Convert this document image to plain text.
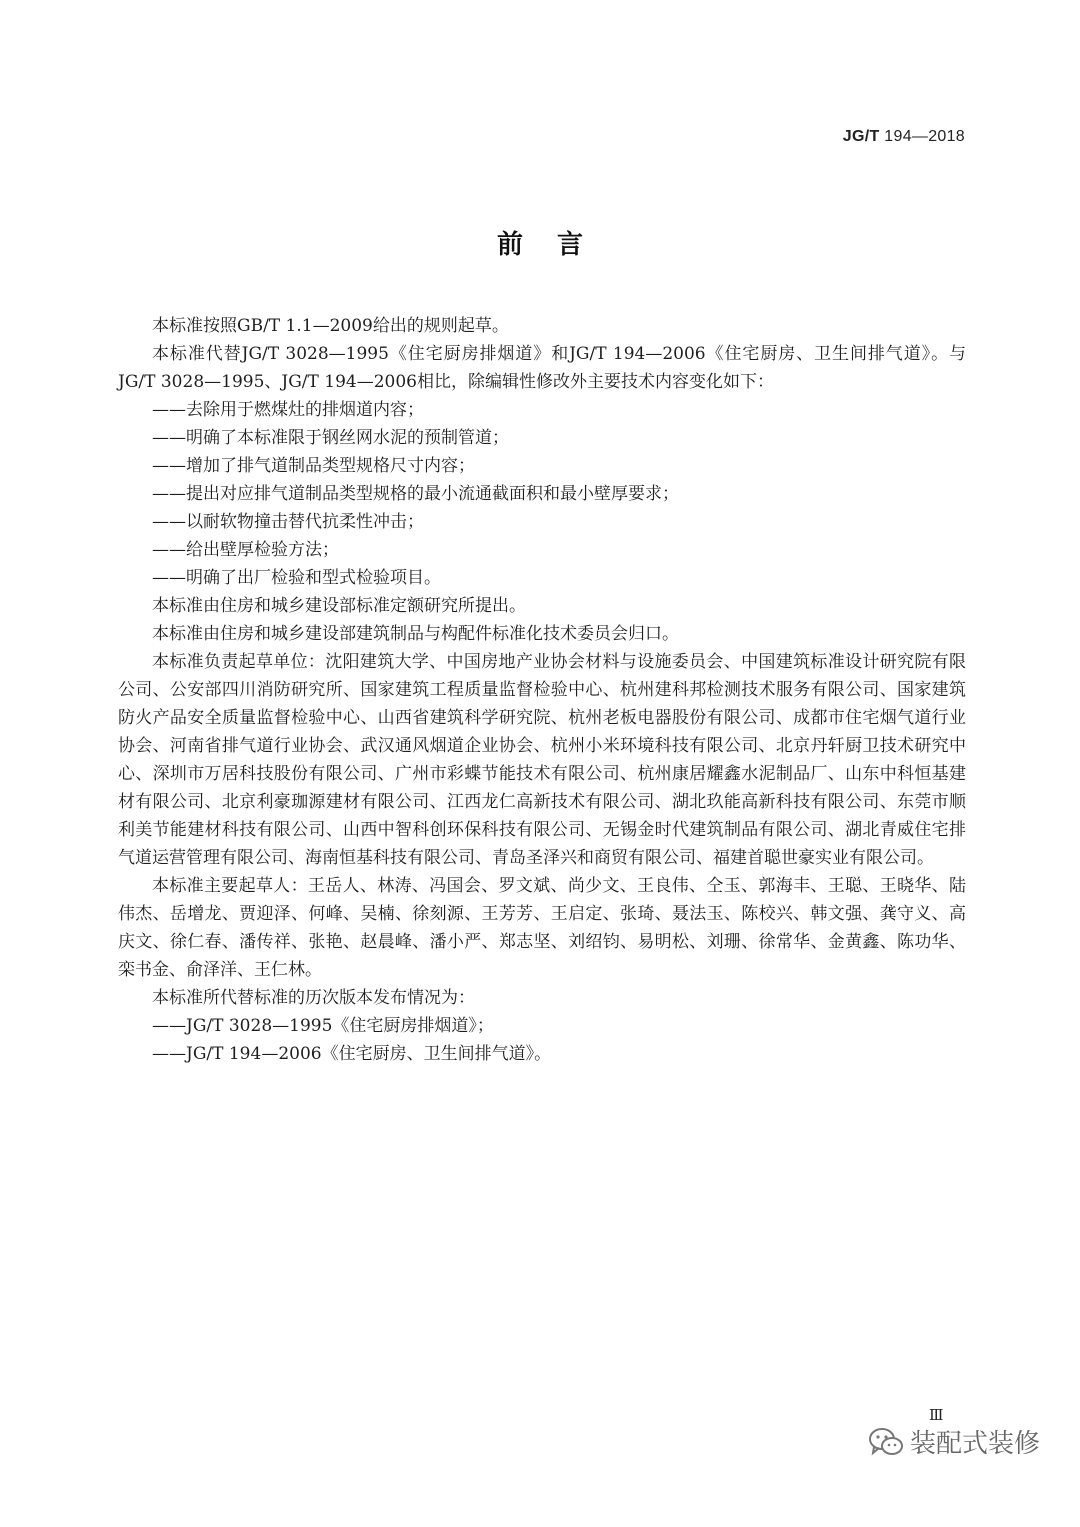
JG/T 194—2018
前言

本标准按照GB/T 1.1—2009给出的规则起草。

本标准代替JG/T 3028—1995《住宅厨房排烟道》和JG/T 194—2006《住宅厨房、卫生间排气道》。与JG/T 3028—1995、JG/T 194—2006相比，除编辑性修改外主要技术内容变化如下：

——去除用于燃煤灶的排烟道内容；

——明确了本标准限于钢丝网水泥的预制管道；

——增加了排气道制品类型规格尺寸内容；

——提出对应排气道制品类型规格的最小流通截面积和最小壁厚要求；

——以耐软物撞击替代抗柔性冲击；

——给出壁厚检验方法；

——明确了出厂检验和型式检验项目。

本标准由住房和城乡建设部标准定额研究所提出。

本标准由住房和城乡建设部建筑制品与构配件标准化技术委员会归口。

本标准负责起草单位：沈阳建筑大学、中国房地产业协会材料与设施委员会、中国建筑标准设计研究院有限公司、公安部四川消防研究所、国家建筑工程质量监督检验中心、杭州建科邦检测技术服务有限公司、国家建筑防火产品安全质量监督检验中心、山西省建筑科学研究院、杭州老板电器股份有限公司、成都市住宅烟气道行业协会、河南省排气道行业协会、武汉通风烟道企业协会、杭州小米环境科技有限公司、北京丹轩厨卫技术研究中心、深圳市万居科技股份有限公司、广州市彩蝶节能技术有限公司、杭州康居耀鑫水泥制品厂、山东中科恒基建材有限公司、北京利豪珈源建材有限公司、江西龙仁高新技术有限公司、湖北玖能高新科技有限公司、东莞市顺利美节能建材科技有限公司、山西中智科创环保科技有限公司、无锡金时代建筑制品有限公司、湖北青威住宅排气道运营管理有限公司、海南恒基科技有限公司、青岛圣泽兴和商贸有限公司、福建首聪世豪实业有限公司。

本标准主要起草人：王岳人、林涛、冯国会、罗文斌、尚少文、王良伟、仝玉、郭海丰、王聪、王晓华、陆伟杰、岳增龙、贾迎泽、何峰、吴楠、徐刻源、王芳芳、王启定、张琦、聂法玉、陈校兴、韩文强、龚守义、高庆文、徐仁春、潘传祥、张艳、赵晨峰、潘小严、郑志坚、刘绍钧、易明松、刘珊、徐常华、金黄鑫、陈功华、栾书金、俞泽洋、王仁林。

本标准所代替标准的历次版本发布情况为：

——JG/T 3028—1995《住宅厨房排烟道》；

——JG/T 194—2006《住宅厨房、卫生间排气道》。

Ⅲ
装配式装修
